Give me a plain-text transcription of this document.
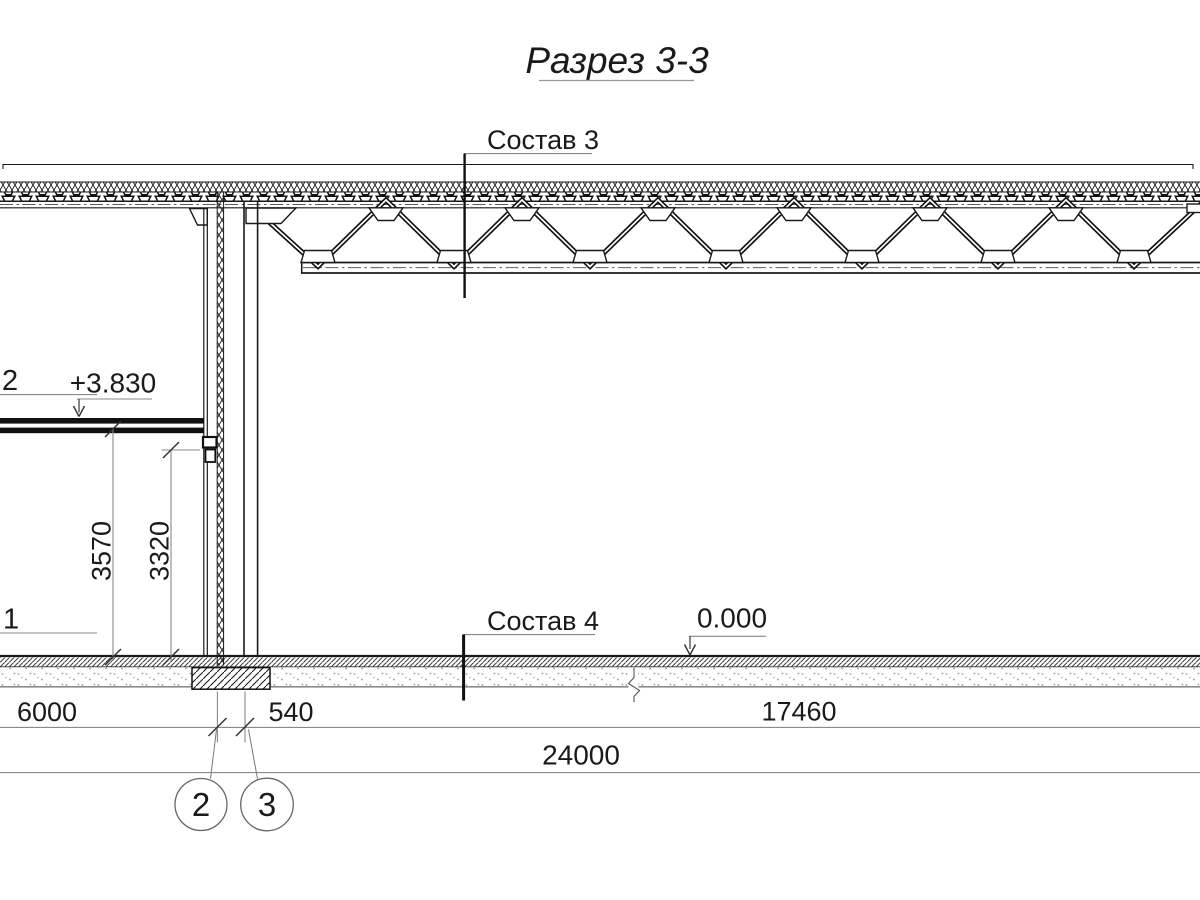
Разрез 3-3
Состав 3
Состав 4
2
1
+3.830
0.000
3570 3320
6000	540	17460
24000
2 3
